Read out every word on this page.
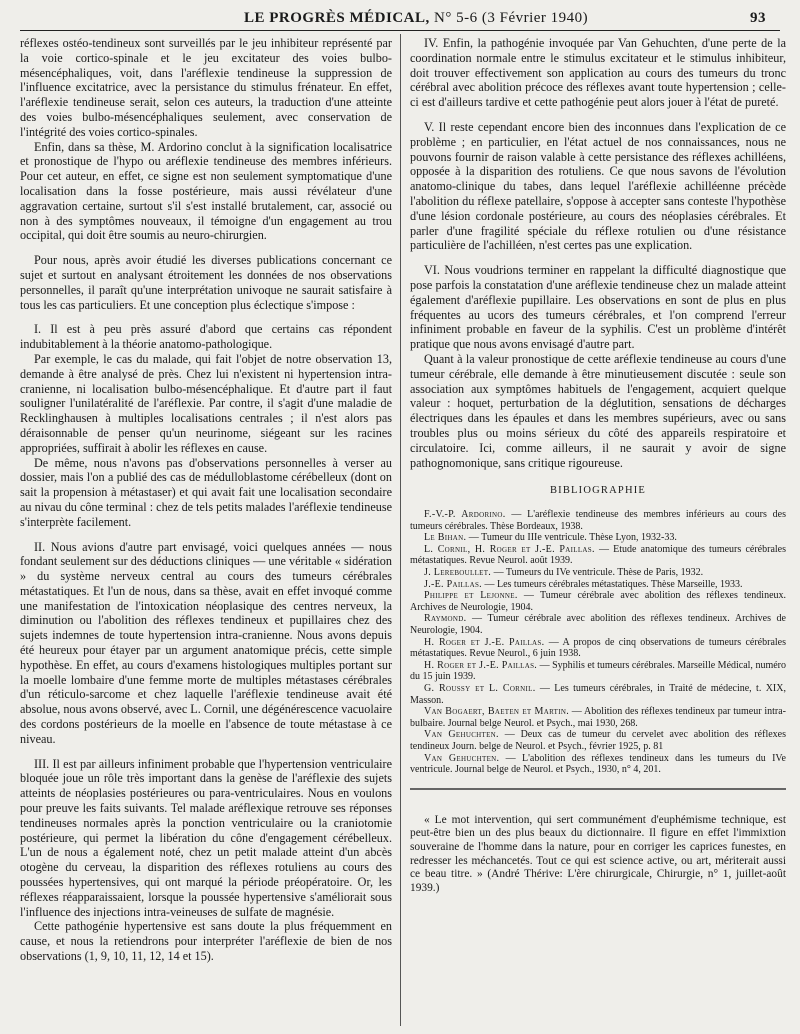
LE PROGRÈS MÉDICAL, N° 5-6 (3 Février 1940)	93

réflexes ostéo-tendineux sont surveillés par le jeu inhibiteur représenté par la voie cortico-spinale et le jeu excitateur des voies bulbo-mésencéphaliques, voit, dans l'aréflexie tendineuse la suppression de l'influence excitatrice, avec la persistance du stimulus frénateur. En effet, l'aréflexie tendineuse serait, selon ces auteurs, la traduction d'une atteinte des voies bulbo-mésencéphaliques seulement, avec conservation de l'intégrité des voies cortico-spinales.

Enfin, dans sa thèse, M. Ardorino conclut à la signification localisatrice et pronostique de l'hypo ou aréflexie tendineuse des membres inférieurs. Pour cet auteur, en effet, ce signe est non seulement symptomatique d'une localisation dans la fosse postérieure, mais aussi révélateur d'une aggravation certaine, surtout s'il s'est installé brutalement, car, associé ou non à des symptômes nouveaux, il témoigne d'un engagement au trou occipital, qui doit être soumis au neuro-chirurgien.

Pour nous, après avoir étudié les diverses publications concernant ce sujet et surtout en analysant étroitement les données de nos observations personnelles, il paraît qu'une interprétation univoque ne saurait satisfaire à tous les cas particuliers. Et une conception plus éclectique s'impose :

I. Il est à peu près assuré d'abord que certains cas répondent indubitablement à la théorie anatomo-pathologique.

Par exemple, le cas du malade, qui fait l'objet de notre observation 13, demande à être analysé de près. Chez lui n'existent ni hypertension intra-cranienne, ni localisation bulbo-mésencéphalique. Et d'autre part il faut souligner l'unilatéralité de l'aréflexie. Par contre, il s'agit d'une maladie de Recklinghausen à multiples localisations centrales ; il n'est alors pas déraisonnable de penser qu'un neurinome, siégeant sur les racines appropriées, suffirait à abolir les réflexes en cause.

De même, nous n'avons pas d'observations personnelles à verser au dossier, mais l'on a publié des cas de médulloblastome cérébelleux (dont on sait la propension à métastaser) et qui avait fait une localisation secondaire au nivau du cône terminal : chez de tels petits malades l'aréflexie tendineuse s'interprète facilement.

II. Nous avions d'autre part envisagé, voici quelques années — nous fondant seulement sur des déductions cliniques — une véritable « sidération » du système nerveux central au cours des tumeurs cérébrales métastatiques. Et l'un de nous, dans sa thèse, avait en effet invoqué comme une manifestation de l'intoxication néoplasique des centres nerveux, la diminution ou l'abolition des réflexes tendineux et pupillaires chez des sujets indemnes de toute hypertension intra-cranienne. Nous avons depuis été heureux pour étayer par un argument anatomique précis, cette simple hypothèse. En effet, au cours d'examens histologiques multiples portant sur la moelle lombaire d'une femme morte de multiples métastases cérébrales d'un réticulo-sarcome et chez laquelle l'aréflexie tendineuse avait été absolue, nous avons observé, avec L. Cornil, une dégénérescence vacuolaire des cordons postérieurs de la moelle en l'absence de toute métastase à ce niveau.

III. Il est par ailleurs infiniment probable que l'hypertension ventriculaire bloquée joue un rôle très important dans la genèse de l'aréflexie des sujets atteints de néoplasies postérieures ou para-ventriculaires. Nous en voulons pour preuve les faits suivants. Tel malade aréflexique retrouve ses réponses tendineuses normales après la ponction ventriculaire ou la craniotomie postérieure, qui permet la libération du cône d'engagement cérébelleux. L'un de nous a également noté, chez un petit malade atteint d'un abcès otogène du cerveau, la disparition des réflexes rotuliens au cours des poussées hypertensives, qui ont marqué la période préopératoire. Or, les réflexes réapparaissaient, lorsque la poussée hypertensive s'améliorait sous l'influence des injections intra-veineuses de sulfate de magnésie.

Cette pathogénie hypertensive est sans doute la plus fréquemment en cause, et nous la retiendrons pour interpréter l'aréflexie de bien de nos observations (1, 9, 10, 11, 12, 14 et 15).

IV. Enfin, la pathogénie invoquée par Van Gehuchten, d'une perte de la coordination normale entre le stimulus excitateur et le stimulus inhibiteur, doit trouver effectivement son application au cours des tumeurs du tronc cérébral avec abolition précoce des réflexes avant toute hypertension ; celle-ci est d'ailleurs tardive et cette pathogénie peut alors jouer à l'état de pureté.

V. Il reste cependant encore bien des inconnues dans l'explication de ce problème ; en particulier, en l'état actuel de nos connaissances, nous ne pouvons fournir de raison valable à cette persistance des réflexes achilléens, opposée à la disparition des rotuliens. Ce que nous savons de l'évolution anatomo-clinique du tabes, dans lequel l'aréflexie achilléenne précède l'abolition du réflexe patellaire, s'oppose à accepter sans conteste l'hypothèse d'une lésion cordonale postérieure, au cours des néoplasies cérébrales. Et parler d'une fragilité spéciale du réflexe rotulien ou d'une résistance particulière de l'achilléen, n'est certes pas une explication.

VI. Nous voudrions terminer en rappelant la difficulté diagnostique que pose parfois la constatation d'une aréflexie tendineuse chez un malade atteint également d'aréflexie pupillaire. Les observations en sont de plus en plus fréquentes au ucors des tumeurs cérébrales, et l'on comprend l'erreur infiniment probable en faveur de la syphilis. C'est un problème d'intérêt pratique que nous avons envisagé d'autre part.

Quant à la valeur pronostique de cette aréflexie tendineuse au cours d'une tumeur cérébrale, elle demande à être minutieusement discutée : seule son association aux symptômes habituels de l'engagement, acquiert quelque valeur : hoquet, perturbation de la déglutition, sensations de décharges électriques dans les épaules et dans les membres supérieurs, avec ou sans troubles plus ou moins sérieux du côté des appareils respiratoire et circulatoire. Ici, comme ailleurs, il ne saurait y avoir de signe pathognomonique, sans critique rigoureuse.

BIBLIOGRAPHIE

F.-V.-P. Ardorino. — L'aréflexie tendineuse des membres inférieurs au cours des tumeurs cérébrales. Thèse Bordeaux, 1938.

Le Bihan. — Tumeur du IIIe ventricule. Thèse Lyon, 1932-33.

L. Cornil, H. Roger et J.-E. Paillas. — Etude anatomique des tumeurs cérébrales métastatiques. Revue Neurol. août 1939.

J. Lereboullet. — Tumeurs du IVe ventricule. Thèse de Paris, 1932.

J.-E. Paillas. — Les tumeurs cérébrales métastatiques. Thèse Marseille, 1933.

Philippe et Lejonne. — Tumeur cérébrale avec abolition des réflexes tendineux. Archives de Neurologie, 1904.

Raymond. — Tumeur cérébrale avec abolition des réflexes tendineux. Archives de Neurologie, 1904.

H. Roger et J.-E. Paillas. — A propos de cinq observations de tumeurs cérébrales métastatiques. Revue Neurol., 6 juin 1938.

H. Roger et J.-E. Paillas. — Syphilis et tumeurs cérébrales. Marseille Médical, numéro du 15 juin 1939.

G. Roussy et L. Cornil. — Les tumeurs cérébrales, in Traité de médecine, t. XIX, Masson.

Van Bogaert, Baeten et Martin. — Abolition des réflexes tendineux par tumeur intra-bulbaire. Journal belge Neurol. et Psych., mai 1930, 268.

Van Gehuchten. — Deux cas de tumeur du cervelet avec abolition des réflexes tendineux Journ. belge de Neurol. et Psych., février 1925, p. 81

Van Gehuchten. — L'abolition des réflexes tendineux dans les tumeurs du IVe ventricule. Journal belge de Neurol. et Psych., 1930, n° 4, 201.

« Le mot intervention, qui sert communément d'euphémisme technique, est peut-être bien un des plus beaux du dictionnaire. Il figure en effet l'immixtion souveraine de l'homme dans la nature, pour en corriger les caprices funestes, en redresser les méchancetés. Tout ce qui est science active, ou art, mériterait aussi ce beau titre. » (André Thérive: L'ère chirurgicale, Chirurgie, n° 1, juillet-août 1939.)
